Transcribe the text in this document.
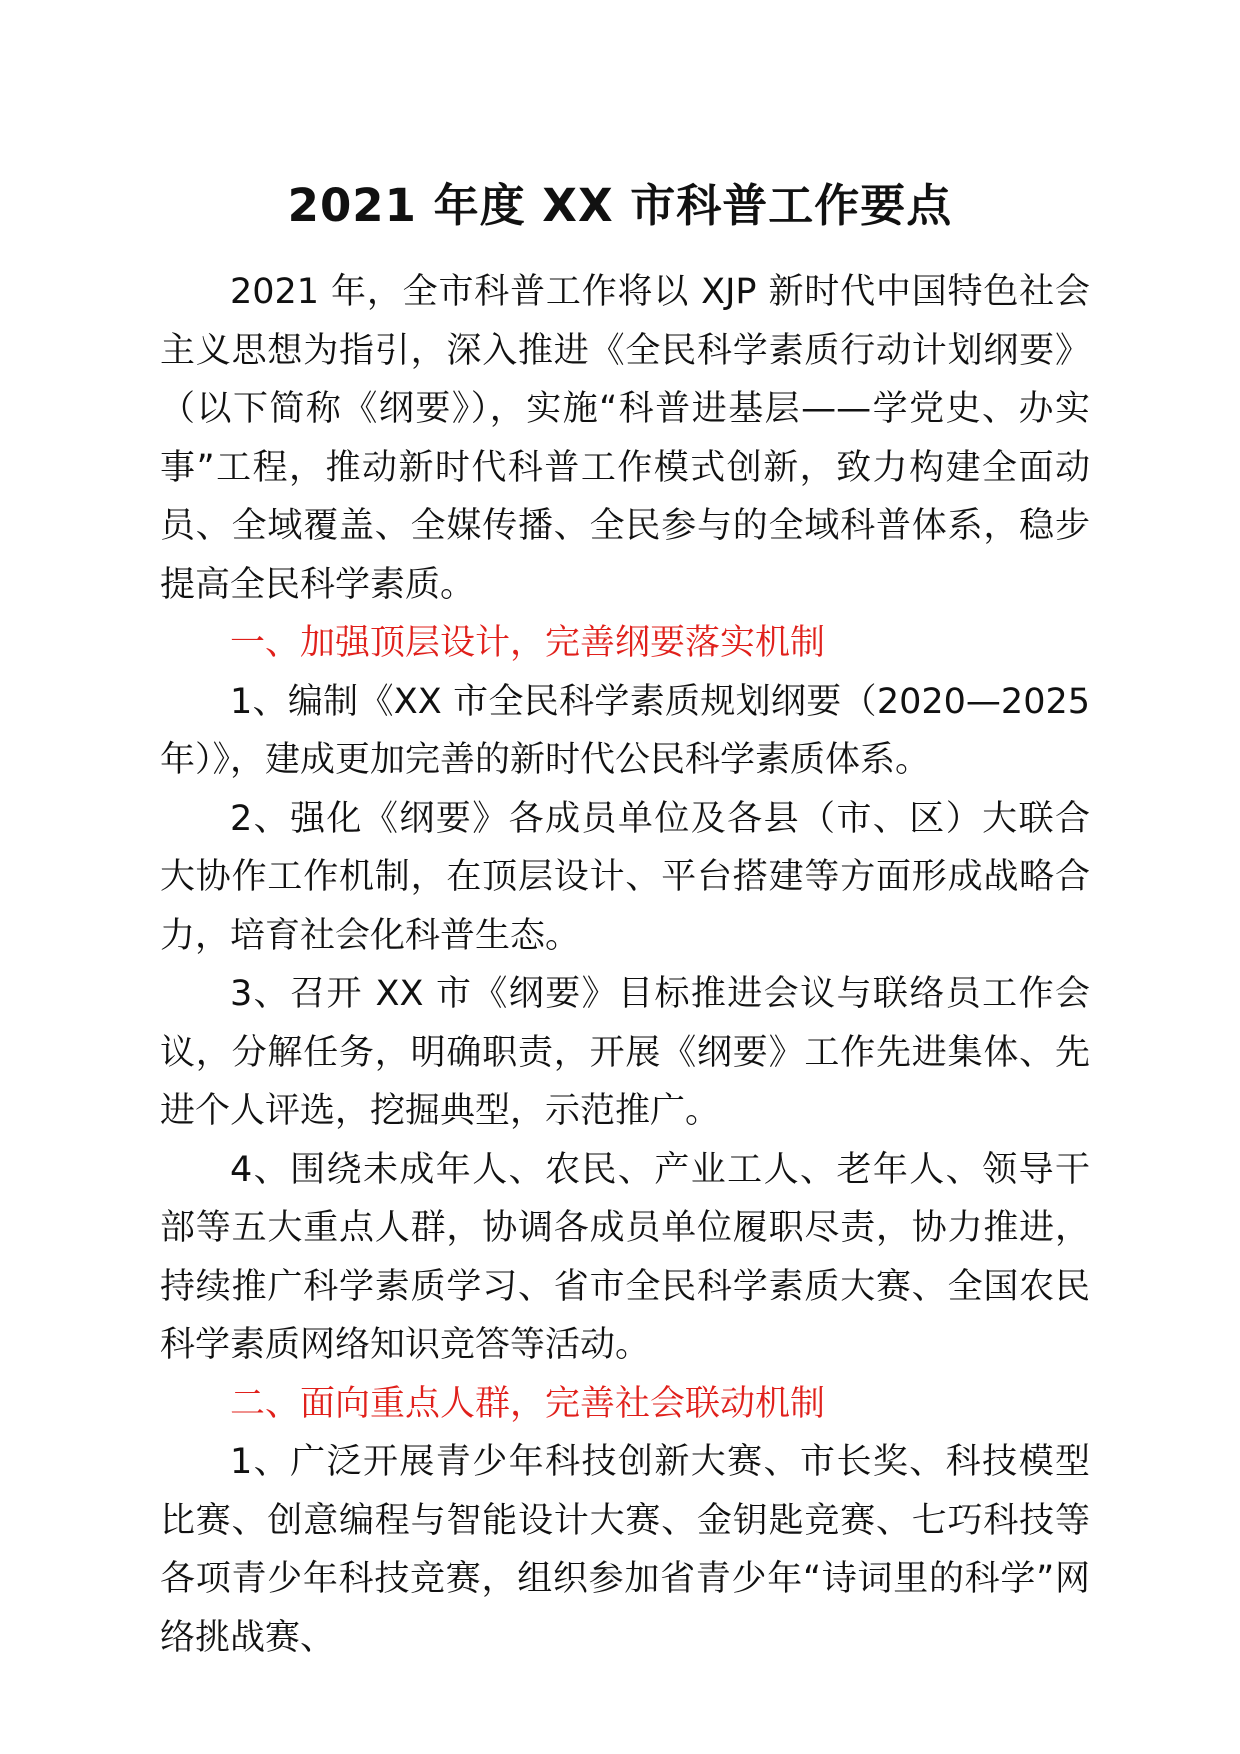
2021 年度 XX 市科普工作要点

2021 年，全市科普工作将以 XJP 新时代中国特色社会主义思想为指引，深入推进《全民科学素质行动计划纲要》（以下简称《纲要》），实施“科普进基层——学党史、办实事”工程，推动新时代科普工作模式创新，致力构建全面动员、全域覆盖、全媒传播、全民参与的全域科普体系，稳步提高全民科学素质。

一、加强顶层设计，完善纲要落实机制

1、编制《XX 市全民科学素质规划纲要（2020—2025 年）》，建成更加完善的新时代公民科学素质体系。

2、强化《纲要》各成员单位及各县（市、区）大联合大协作工作机制，在顶层设计、平台搭建等方面形成战略合力，培育社会化科普生态。

3、召开 XX 市《纲要》目标推进会议与联络员工作会议，分解任务，明确职责，开展《纲要》工作先进集体、先进个人评选，挖掘典型，示范推广。

4、围绕未成年人、农民、产业工人、老年人、领导干部等五大重点人群，协调各成员单位履职尽责，协力推进，持续推广科学素质学习、省市全民科学素质大赛、全国农民科学素质网络知识竞答等活动。

二、面向重点人群，完善社会联动机制

1、广泛开展青少年科技创新大赛、市长奖、科技模型比赛、创意编程与智能设计大赛、金钥匙竞赛、七巧科技等各项青少年科技竞赛，组织参加省青少年“诗词里的科学”网络挑战赛、
